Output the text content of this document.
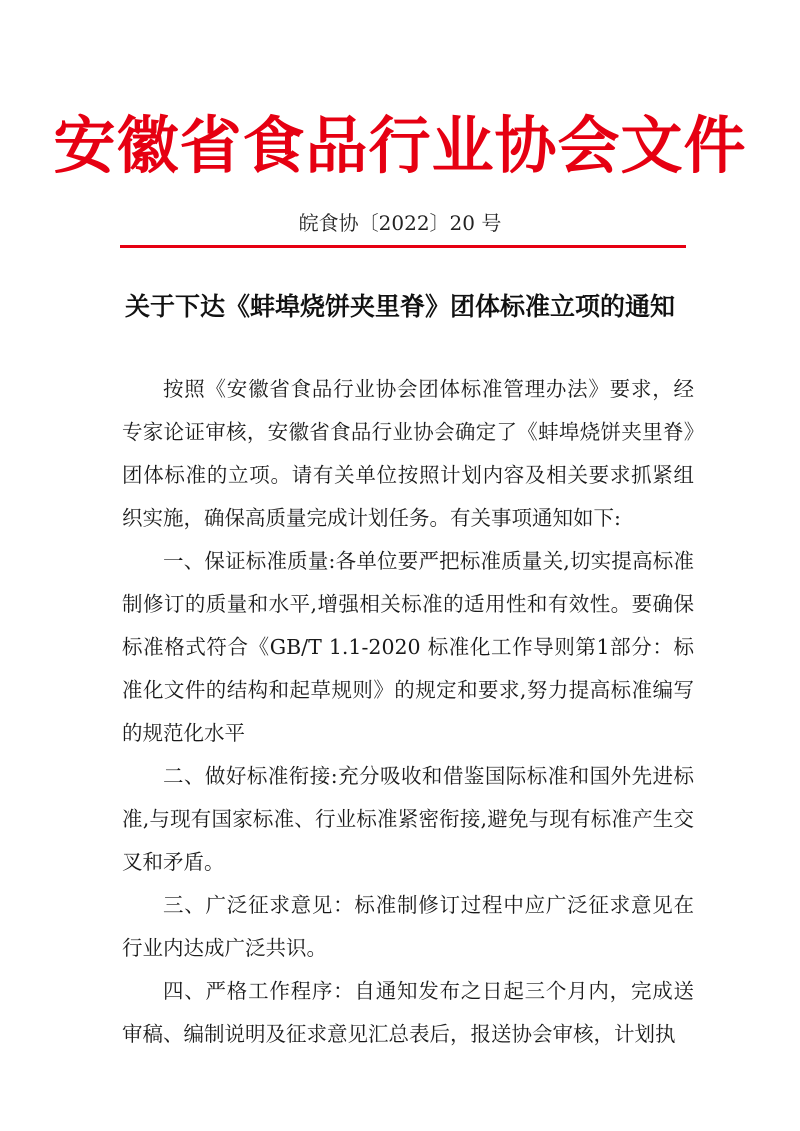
安徽省食品行业协会文件
皖食协〔2022〕20 号
关于下达《蚌埠烧饼夹里脊》团体标准立项的通知

按照《安徽省食品行业协会团体标准管理办法》要求，经专家论证审核，安徽省食品行业协会确定了《蚌埠烧饼夹里脊》团体标准的立项。请有关单位按照计划内容及相关要求抓紧组织实施，确保高质量完成计划任务。有关事项通知如下:

一、保证标准质量:各单位要严把标准质量关,切实提高标准制修订的质量和水平,增强相关标准的适用性和有效性。要确保标准格式符合《GB/T 1.1-2020 标准化工作导则第1部分：标准化文件的结构和起草规则》的规定和要求,努力提高标准编写的规范化水平

二、做好标准衔接:充分吸收和借鉴国际标准和国外先进标准,与现有国家标准、行业标准紧密衔接,避免与现有标准产生交叉和矛盾。

三、广泛征求意见：标准制修订过程中应广泛征求意见在行业内达成广泛共识。

四、严格工作程序：自通知发布之日起三个月内，完成送审稿、编制说明及征求意见汇总表后，报送协会审核，计划执
